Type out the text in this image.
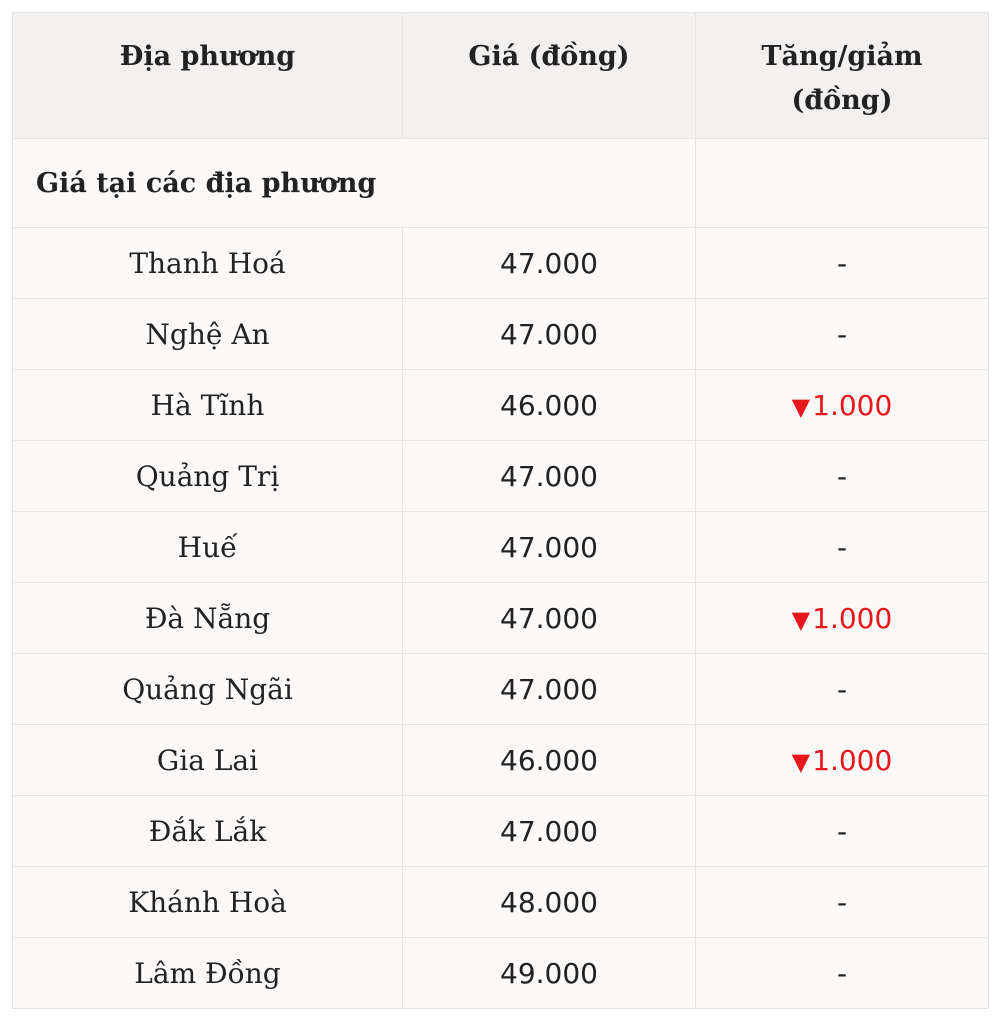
Địa phương	Giá (đồng)	Tăng/giảm (đồng)
Giá tại các địa phương		
Thanh Hoá	47.000	-
Nghệ An	47.000	-
Hà Tĩnh	46.000	▼1.000
Quảng Trị	47.000	-
Huế	47.000	-
Đà Nẵng	47.000	▼1.000
Quảng Ngãi	47.000	-
Gia Lai	46.000	▼1.000
Đắk Lắk	47.000	-
Khánh Hoà	48.000	-
Lâm Đồng	49.000	-
